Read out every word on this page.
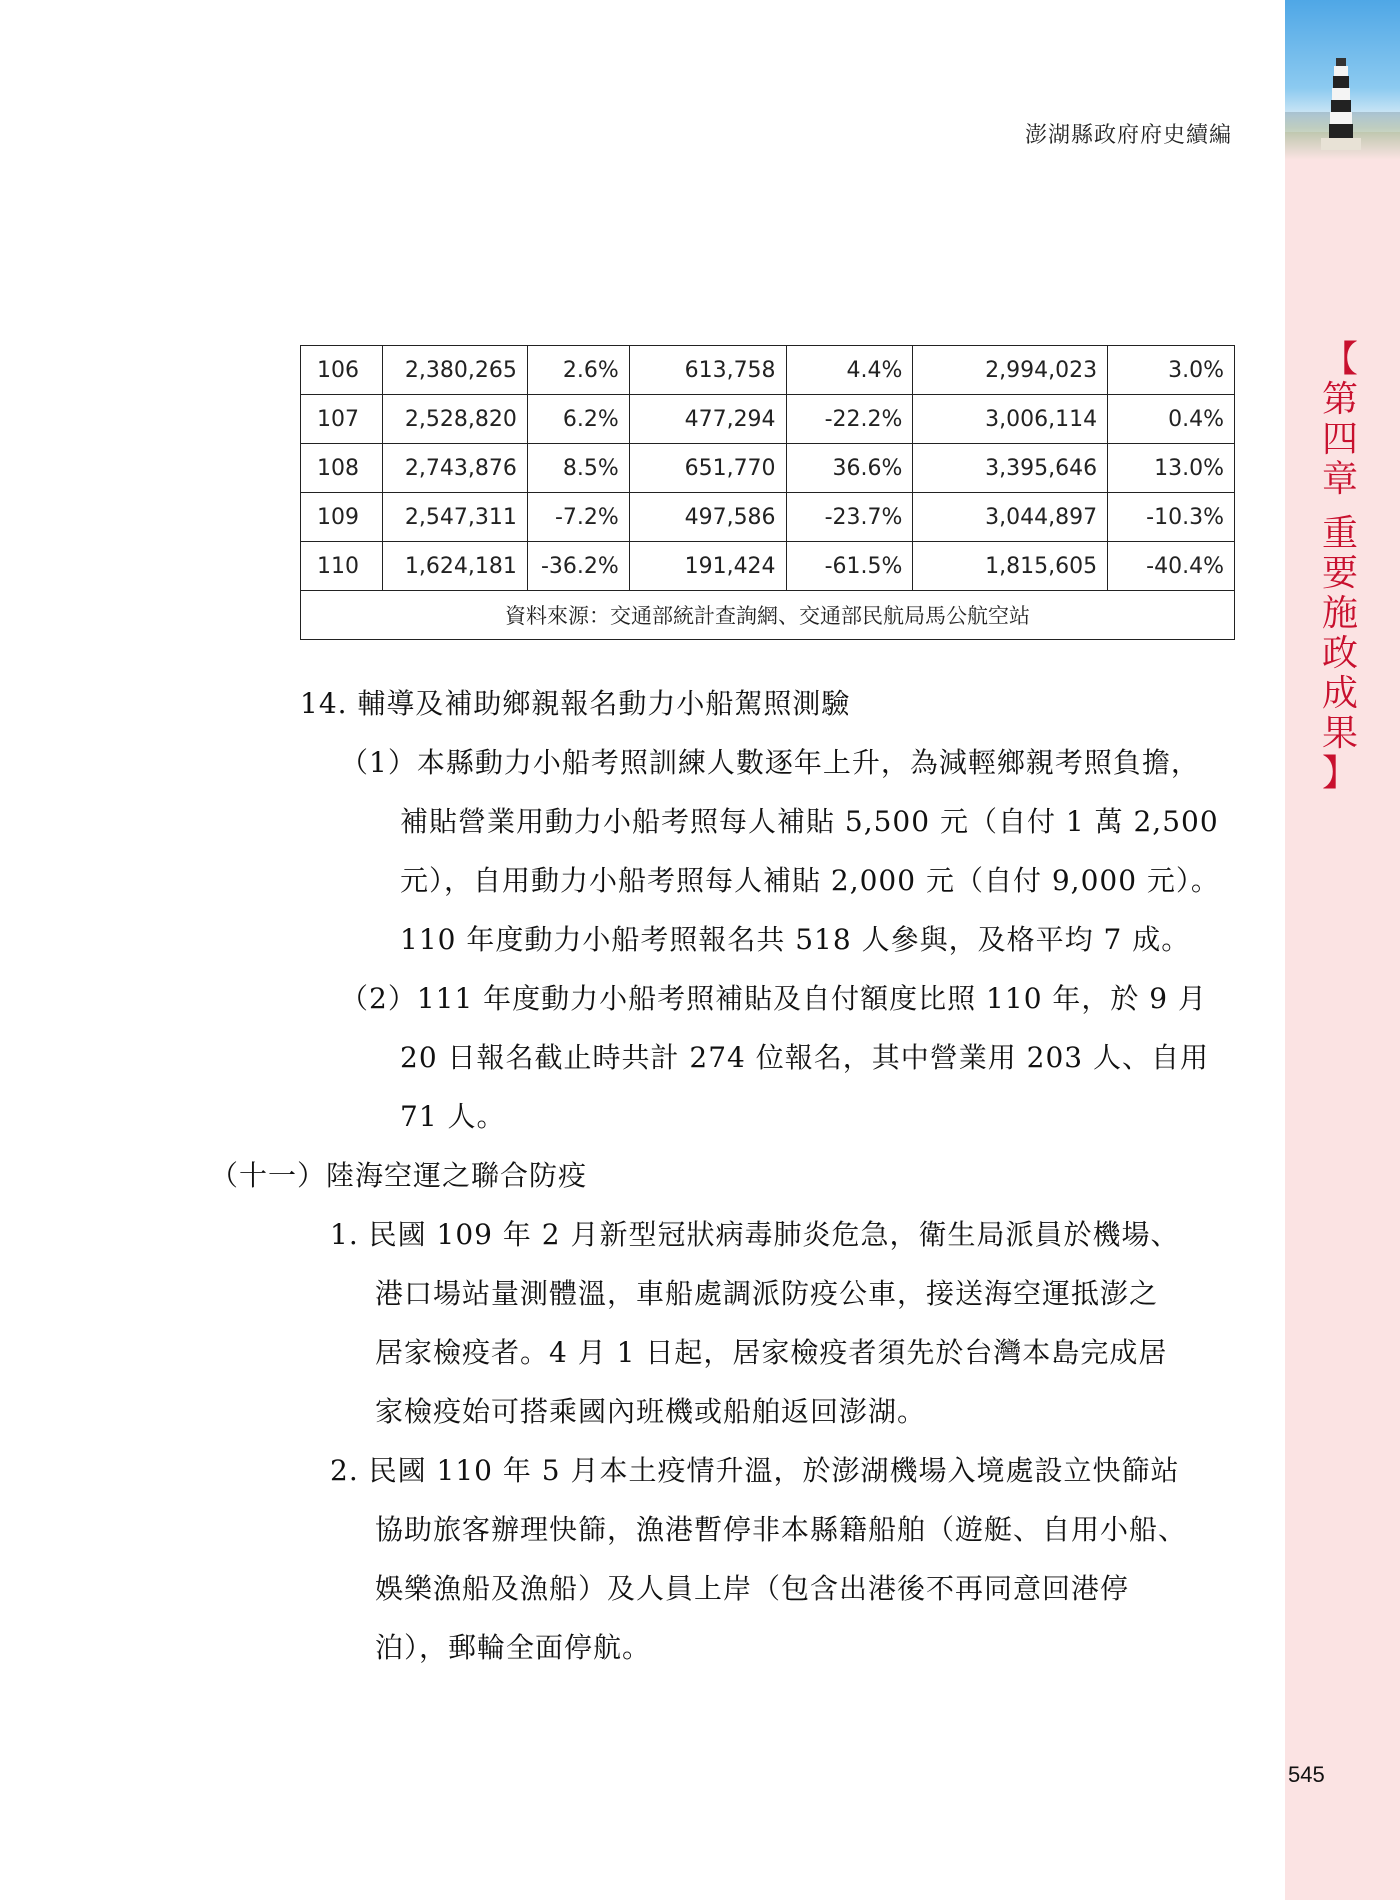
【
第
四
章
重
要
施
政
成
果
】
澎湖縣政府府史續編
106	2,380,265	2.6%	613,758	4.4%	2,994,023	3.0%
107	2,528,820	6.2%	477,294	-22.2%	3,006,114	0.4%
108	2,743,876	8.5%	651,770	36.6%	3,395,646	13.0%
109	2,547,311	-7.2%	497,586	-23.7%	3,044,897	-10.3%
110	1,624,181	-36.2%	191,424	-61.5%	1,815,605	-40.4%
資料來源：交通部統計查詢網、交通部民航局馬公航空站						
14. 輔導及補助鄉親報名動力小船駕照測驗
（1）本縣動力小船考照訓練人數逐年上升，為減輕鄉親考照負擔，
補貼營業用動力小船考照每人補貼 5,500 元（自付 1 萬 2,500
元），自用動力小船考照每人補貼 2,000 元（自付 9,000 元）。
110 年度動力小船考照報名共 518 人參與，及格平均 7 成。
（2）111 年度動力小船考照補貼及自付額度比照 110 年，於 9 月
20 日報名截止時共計 274 位報名，其中營業用 203 人、自用
71 人。
（十一）陸海空運之聯合防疫
1. 民國 109 年 2 月新型冠狀病毒肺炎危急，衛生局派員於機場、
港口場站量測體溫，車船處調派防疫公車，接送海空運抵澎之
居家檢疫者。4 月 1 日起，居家檢疫者須先於台灣本島完成居
家檢疫始可搭乘國內班機或船舶返回澎湖。
2. 民國 110 年 5 月本土疫情升溫，於澎湖機場入境處設立快篩站
協助旅客辦理快篩，漁港暫停非本縣籍船舶（遊艇、自用小船、
娛樂漁船及漁船）及人員上岸（包含出港後不再同意回港停
泊），郵輪全面停航。
545
